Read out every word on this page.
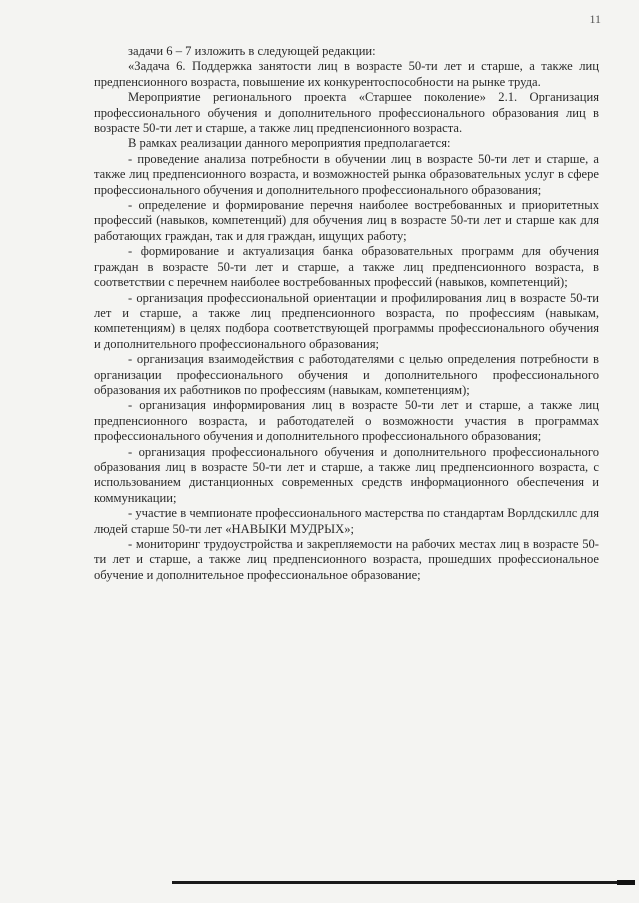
11

задачи 6 – 7 изложить в следующей редакции:

«Задача 6. Поддержка занятости лиц в возрасте 50-ти лет и старше, а также лиц предпенсионного возраста, повышение их конкурентоспособности на рынке труда.

Мероприятие регионального проекта «Старшее поколение» 2.1. Организация профессионального обучения и дополнительного профессионального образования лиц в возрасте 50-ти лет и старше, а также лиц предпенсионного возраста.

В рамках реализации данного мероприятия предполагается:

- проведение анализа потребности в обучении лиц в возрасте 50-ти лет и старше, а также лиц предпенсионного возраста, и возможностей рынка образовательных услуг в сфере профессионального обучения и дополнительного профессионального образования;

- определение и формирование перечня наиболее востребованных и приоритетных профессий (навыков, компетенций) для обучения лиц в возрасте 50-ти лет и старше как для работающих граждан, так и для граждан, ищущих работу;

- формирование и актуализация банка образовательных программ для обучения граждан в возрасте 50-ти лет и старше, а также лиц предпенсионного возраста, в соответствии с перечнем наиболее востребованных профессий (навыков, компетенций);

- организация профессиональной ориентации и профилирования лиц в возрасте 50-ти лет и старше, а также лиц предпенсионного возраста, по профессиям (навыкам, компетенциям) в целях подбора соответствующей программы профессионального обучения и дополнительного профессионального образования;

- организация взаимодействия с работодателями с целью определения потребности в организации профессионального обучения и дополнительного профессионального образования их работников по профессиям (навыкам, компетенциям);

- организация информирования лиц в возрасте 50-ти лет и старше, а также лиц предпенсионного возраста, и работодателей о возможности участия в программах профессионального обучения и дополнительного профессионального образования;

- организация профессионального обучения и дополнительного профессионального образования лиц в возрасте 50-ти лет и старше, а также лиц предпенсионного возраста, с использованием дистанционных современных средств информационного обеспечения и коммуникации;

- участие в чемпионате профессионального мастерства по стандартам Ворлдскиллс для людей старше 50-ти лет «НАВЫКИ МУДРЫХ»;

- мониторинг трудоустройства и закрепляемости на рабочих местах лиц в возрасте 50-ти лет и старше, а также лиц предпенсионного возраста, прошедших профессиональное обучение и дополнительное профессиональное образование;
